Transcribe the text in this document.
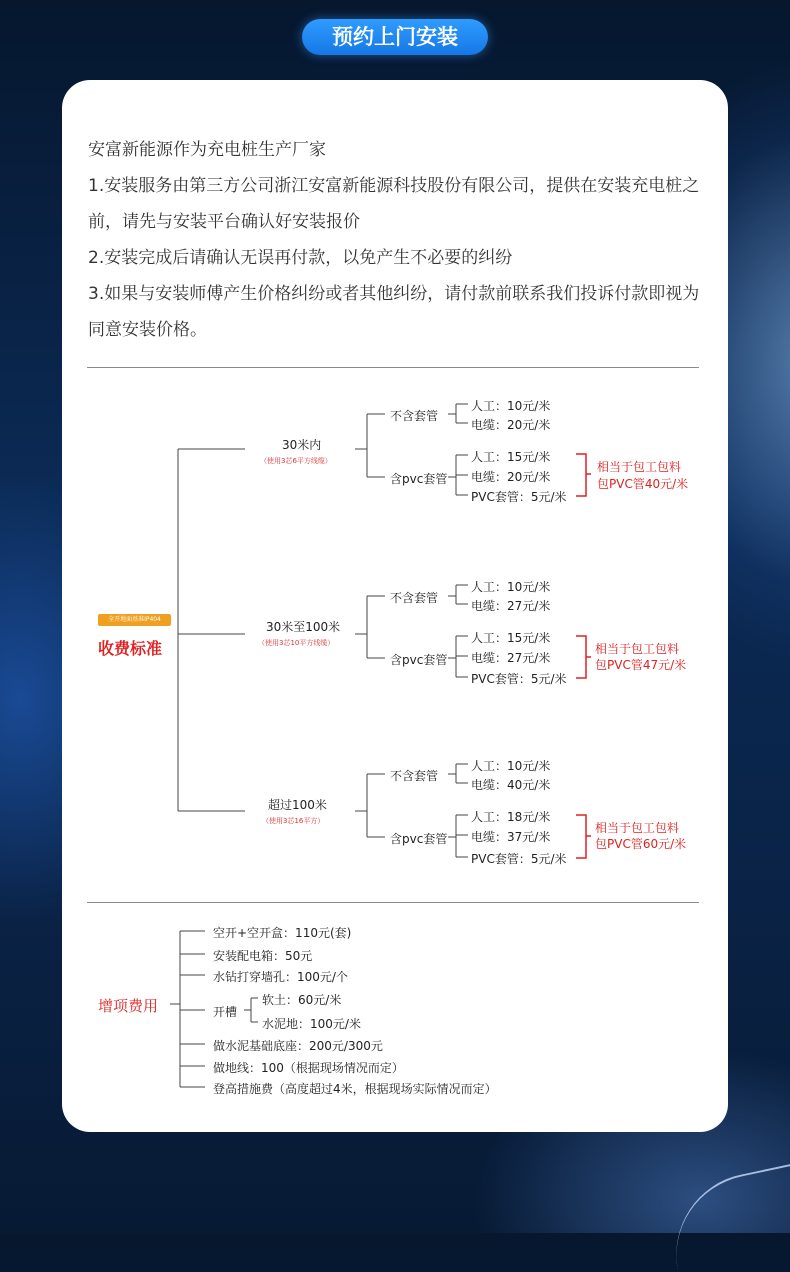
预约上门安装

安富新能源作为充电桩生产厂家

1.安装服务由第三方公司浙江安富新能源科技股份有限公司，提供在安装充电桩之前，请先与安装平台确认好安装报价

2.安装完成后请确认无误再付款，以免产生不必要的纠纷

3.如果与安装师傅产生价格纠纷或者其他纠纷，请付款前联系我们投诉付款即视为同意安装价格。

全开地面基准IP404
收费标准
30米内
（使用3芯6平方线缆）
不含套管
含pvc套管
人工：10元/米
电缆：20元/米
人工：15元/米
电缆：20元/米
PVC套管：5元/米
相当于包工包料
包PVC管40元/米
30米至100米
（使用3芯10平方线缆）
不含套管
含pvc套管
人工：10元/米
电缆：27元/米
人工：15元/米
电缆：27元/米
PVC套管：5元/米
相当于包工包料
包PVC管47元/米
超过100米
（使用3芯16平方）
不含套管
含pvc套管
人工：10元/米
电缆：40元/米
人工：18元/米
电缆：37元/米
PVC套管：5元/米
相当于包工包料
包PVC管60元/米
增项费用
空开+空开盒：110元(套)
安装配电箱：50元
水钻打穿墙孔：100元/个
开槽
软土：60元/米
水泥地：100元/米
做水泥基础底座：200元/300元
做地线：100（根据现场情况而定）
登高措施费（高度超过4米，根据现场实际情况而定）
